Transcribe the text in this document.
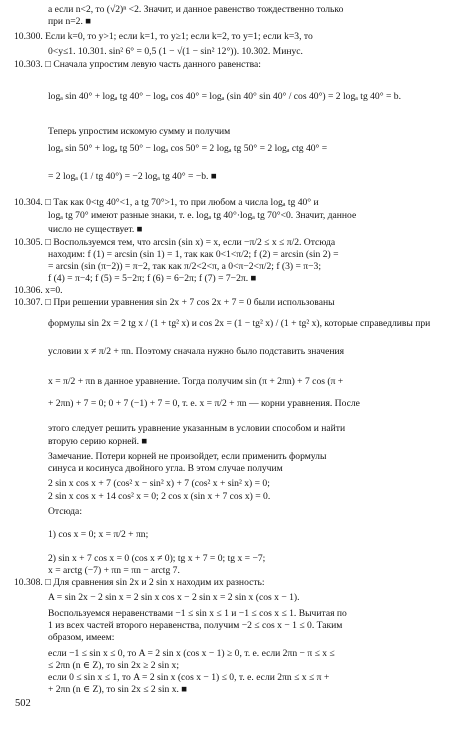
а если n<2, то (√2)ⁿ <2. Значит, и данное равенство тождественно только
при n=2. ■
10.300. Если k=0, то y>1; если k=1, то y≥1; если k=2, то y=1; если k=3, то
0<y≤1. 10.301. sin² 6° = 0,5 (1 − √(1 − sin² 12°)). 10.302. Минус.
10.303. □ Сначала упростим левую часть данного равенства:
logₐ sin 40° + logₐ tg 40° − logₐ cos 40° = logₐ (sin 40° sin 40° / cos 40°) = 2 logₐ tg 40° = b.
Теперь упростим искомую сумму и получим
logₐ sin 50° + logₐ tg 50° − logₐ cos 50° = 2 logₐ tg 50° = 2 logₐ ctg 40° =
= 2 logₐ (1 / tg 40°) = −2 logₐ tg 40° = −b. ■
10.304. □ Так как 0<tg 40°<1, а tg 70°>1, то при любом a числа logₐ tg 40° и
logₐ tg 70° имеют разные знаки, т. е. logₐ tg 40°·logₐ tg 70°<0. Значит, данное
число не существует. ■
10.305. □ Воспользуемся тем, что arcsin (sin x) = x, если −π/2 ≤ x ≤ π/2. Отсюда
находим: f (1) = arcsin (sin 1) = 1, так как 0<1<π/2; f (2) = arcsin (sin 2) =
= arcsin (sin (π−2)) = π−2, так как π/2<2<π, а 0<π−2<π/2; f (3) = π−3;
f (4) = π−4; f (5) = 5−2π; f (6) = 6−2π; f (7) = 7−2π. ■
10.306. x=0.
10.307. □ При решении уравнения sin 2x + 7 cos 2x + 7 = 0 были использованы
формулы sin 2x = 2 tg x / (1 + tg² x) и cos 2x = (1 − tg² x) / (1 + tg² x), которые справедливы при
условии x ≠ π/2 + πn. Поэтому сначала нужно было подставить значения
x = π/2 + πn в данное уравнение. Тогда получим sin (π + 2πn) + 7 cos (π +
+ 2πn) + 7 = 0; 0 + 7 (−1) + 7 = 0, т. е. x = π/2 + πn — корни уравнения. После
этого следует решить уравнение указанным в условии способом и найти
вторую серию корней. ■
Замечание. Потери корней не произойдет, если применить формулы
синуса и косинуса двойного угла. В этом случае получим
2 sin x cos x + 7 (cos² x − sin² x) + 7 (cos² x + sin² x) = 0;
2 sin x cos x + 14 cos² x = 0; 2 cos x (sin x + 7 cos x) = 0.
Отсюда:
1) cos x = 0; x = π/2 + πn;
2) sin x + 7 cos x = 0 (cos x ≠ 0); tg x + 7 = 0; tg x = −7;
x = arctg (−7) + πn = πn − arctg 7.
10.308. □ Для сравнения sin 2x и 2 sin x находим их разность:
A = sin 2x − 2 sin x = 2 sin x cos x − 2 sin x = 2 sin x (cos x − 1).
Воспользуемся неравенствами −1 ≤ sin x ≤ 1 и −1 ≤ cos x ≤ 1. Вычитая по
1 из всех частей второго неравенства, получим −2 ≤ cos x − 1 ≤ 0. Таким
образом, имеем:
если −1 ≤ sin x ≤ 0, то A = 2 sin x (cos x − 1) ≥ 0, т. е. если 2πn − π ≤ x ≤
≤ 2πn (n ∈ Z), то sin 2x ≥ 2 sin x;
если 0 ≤ sin x ≤ 1, то A = 2 sin x (cos x − 1) ≤ 0, т. е. если 2πn ≤ x ≤ π +
+ 2πn (n ∈ Z), то sin 2x ≤ 2 sin x. ■
502
